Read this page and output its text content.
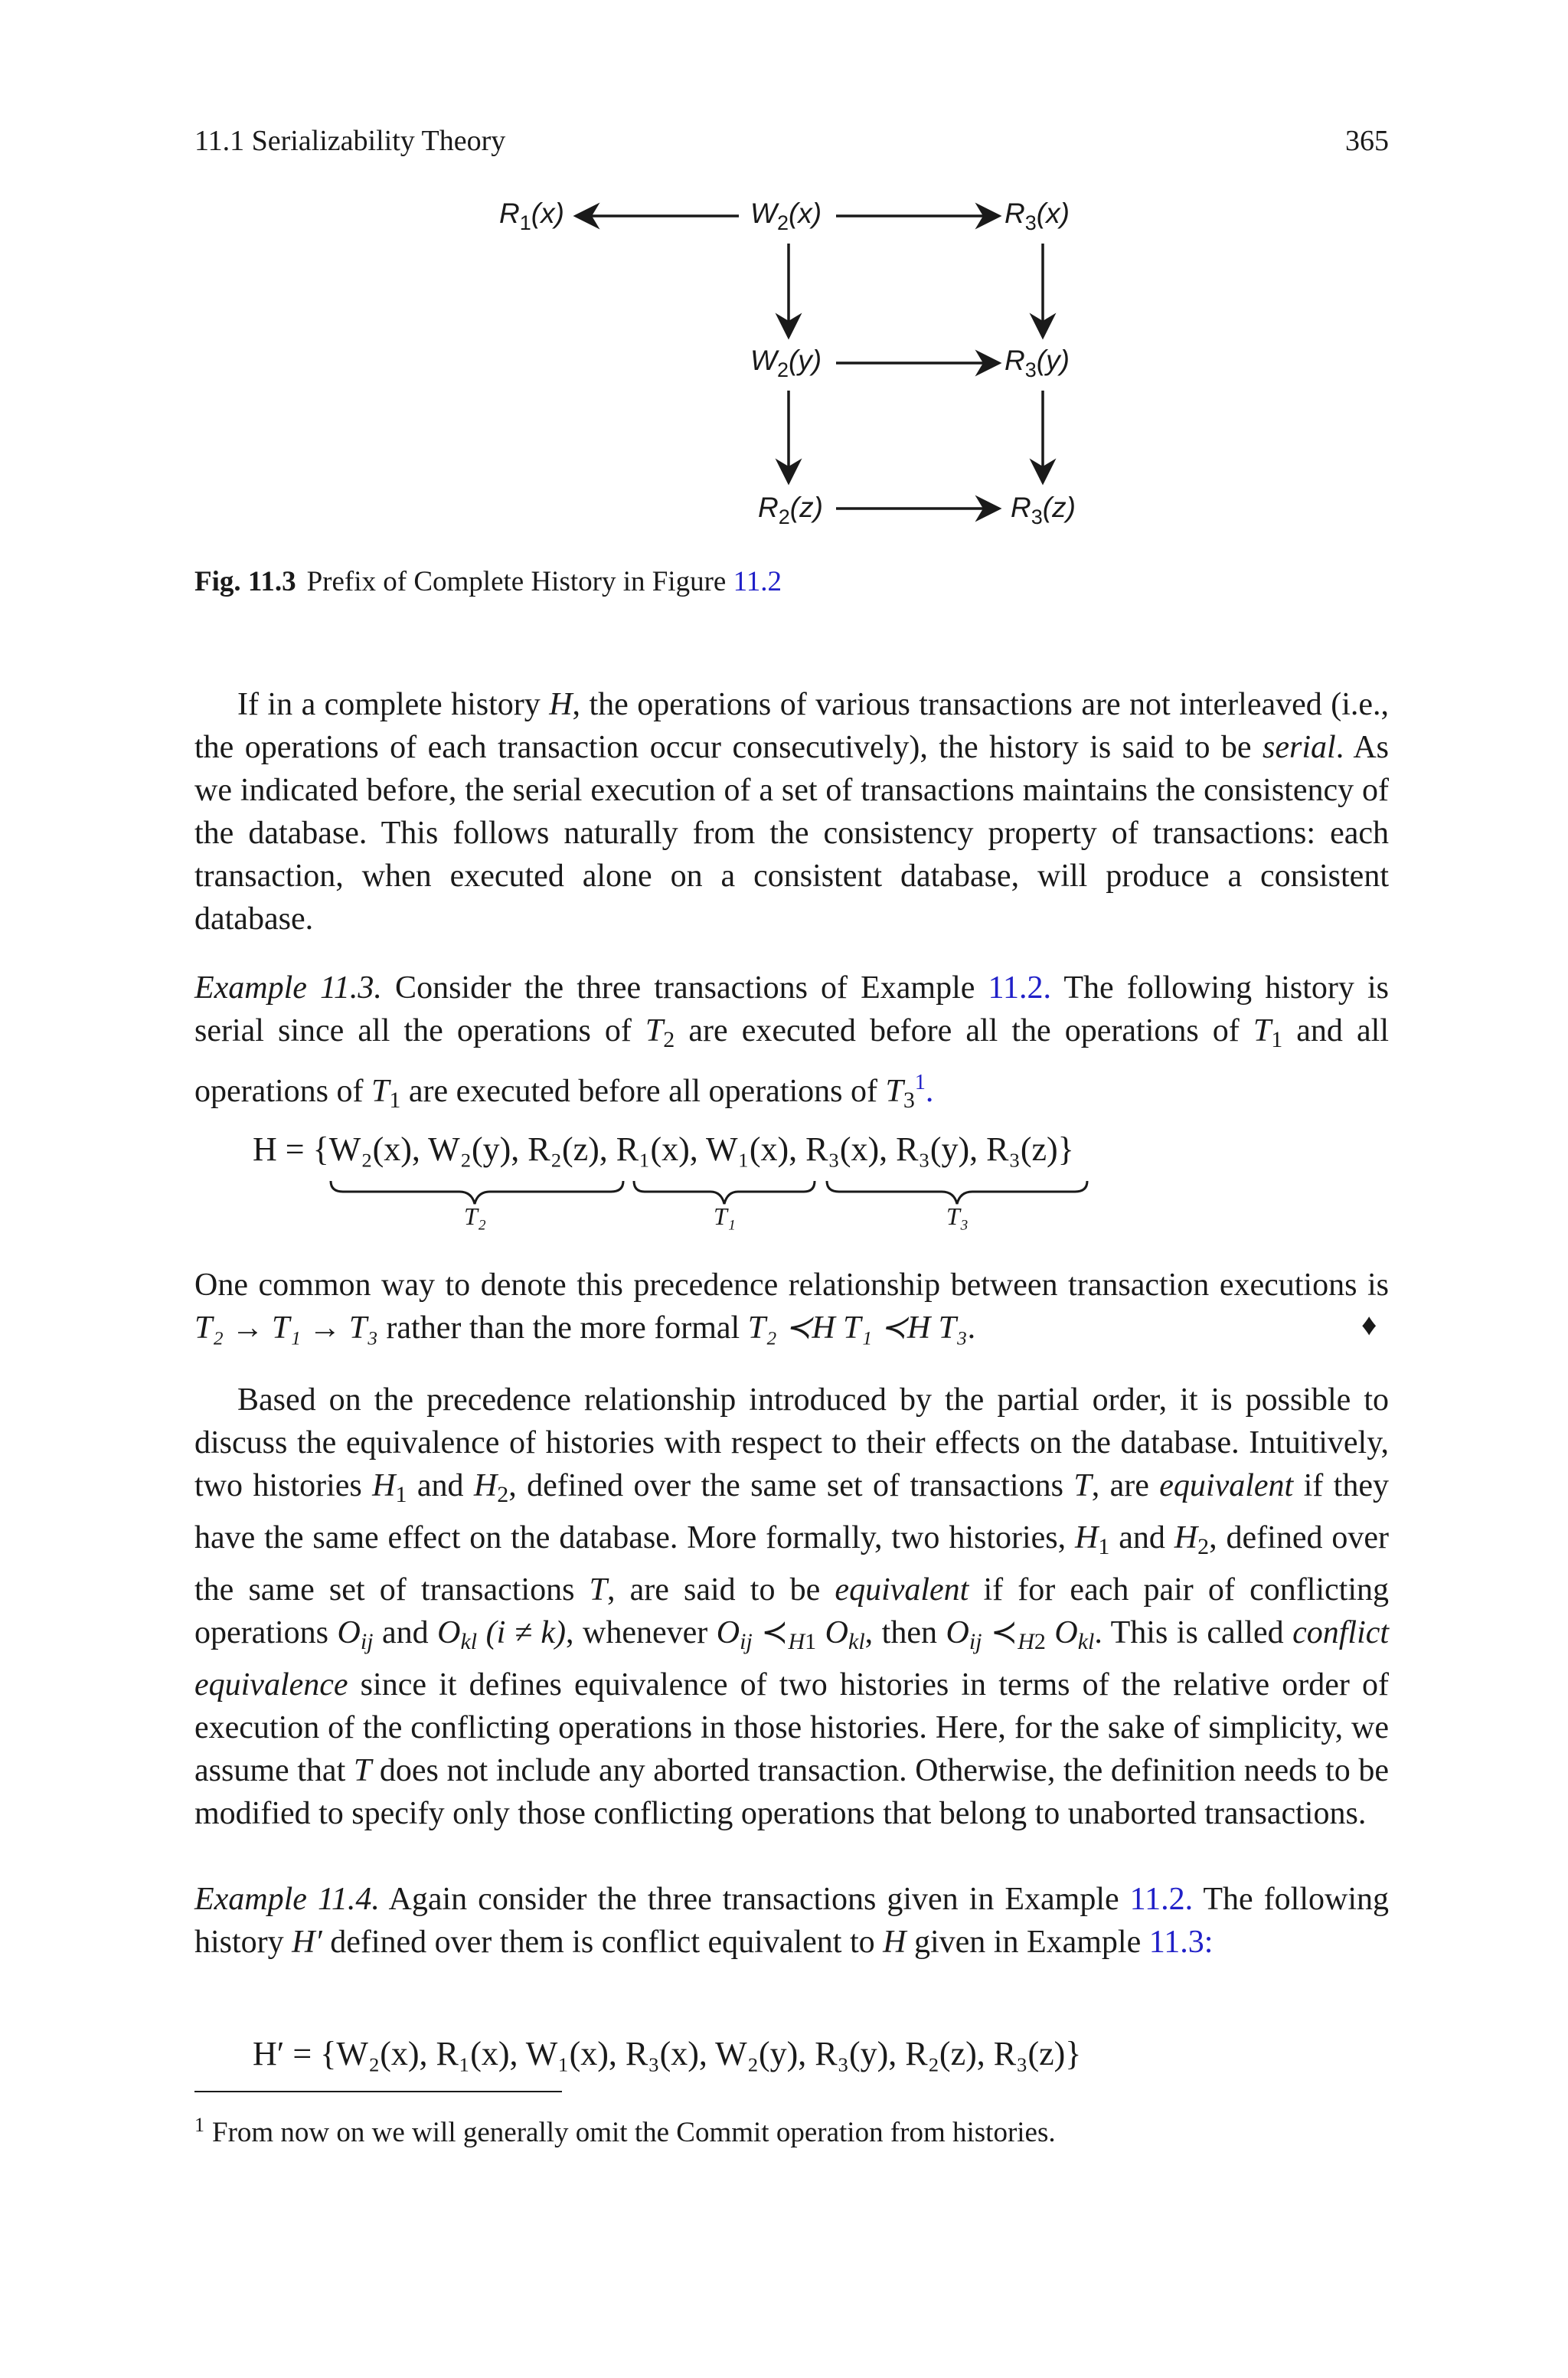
11.1 Serializability Theory	365
$R_1(x)$	$W_2(x)$	$R_3(x)$
$W_2(y)$	$R_3(y)$
$R_2(z)$	$R_3(z)$
Fig. 11.3 Prefix of Complete History in Figure 11.2

If in a complete history H, the operations of various transactions are not interleaved (i.e., the operations of each transaction occur consecutively), the history is said to be serial. As we indicated before, the serial execution of a set of transactions maintains the consistency of the database. This follows naturally from the consistency property of transactions: each transaction, when executed alone on a consistent database, will produce a consistent database.

Example 11.3. Consider the three transactions of Example 11.2. The following history is serial since all the operations of $T_2$ are executed before all the operations of $T_1$ and all operations of $T_1$ are executed before all operations of $T_3^1$.

H = {W₂(x), W₂(y), R₂(z), R₁(x), W₁(x), R₃(x), R₃(y), R₃(z)}
T₂	T₁	T₃

One common way to denote this precedence relationship between transaction executions is T₂ → T₁ → T₃ rather than the more formal T₂ ≺H T₁ ≺H T₃.	♦

Based on the precedence relationship introduced by the partial order, it is possible to discuss the equivalence of histories with respect to their effects on the database. Intuitively, two histories $H_1$ and $H_2$, defined over the same set of transactions T, are equivalent if they have the same effect on the database. More formally, two histories, $H_1$ and $H_2$, defined over the same set of transactions T, are said to be equivalent if for each pair of conflicting operations $O_{ij}$ and $O_{kl}$ (i ≠ k), whenever $O_{ij}$ $≺_{H1}$ $O_{kl}$, then $O_{ij}$ $≺_{H2}$ $O_{kl}$. This is called conflict equivalence since it defines equivalence of two histories in terms of the relative order of execution of the conflicting operations in those histories. Here, for the sake of simplicity, we assume that T does not include any aborted transaction. Otherwise, the definition needs to be modified to specify only those conflicting operations that belong to unaborted transactions.

Example 11.4. Again consider the three transactions given in Example 11.2. The following history H′ defined over them is conflict equivalent to H given in Example 11.3:

H′ = {W₂(x), R₁(x), W₁(x), R₃(x), W₂(y), R₃(y), R₂(z), R₃(z)}
$^1$ From now on we will generally omit the Commit operation from histories.
